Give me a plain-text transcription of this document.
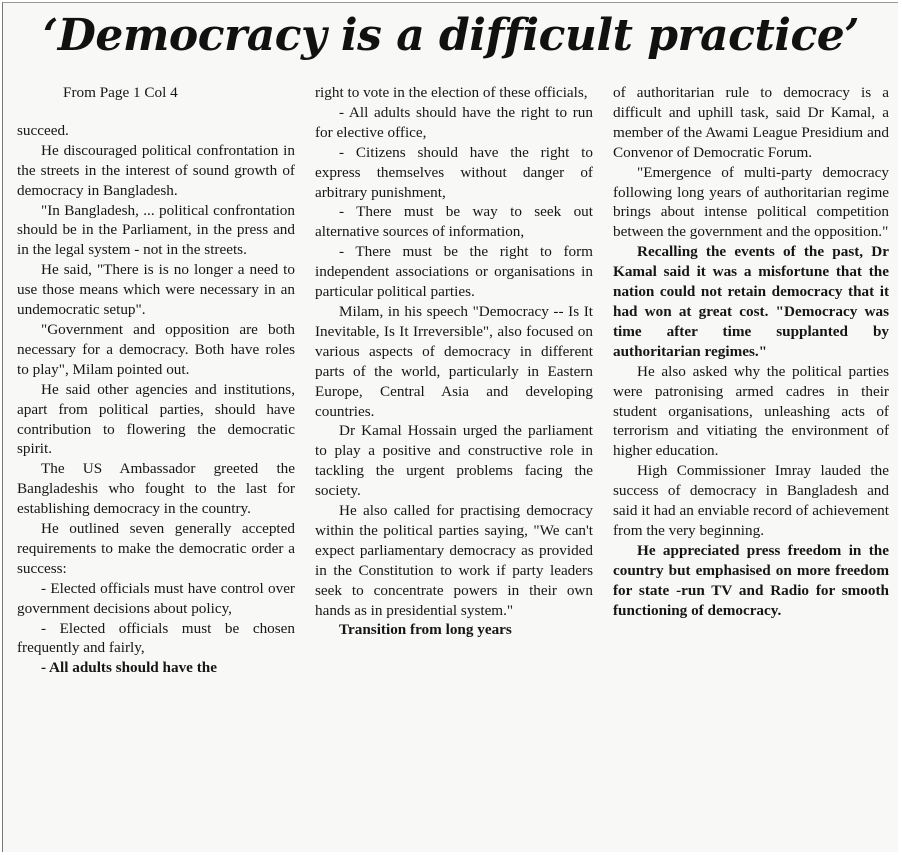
‘Democracy is a difficult practice’

From Page 1 Col 4

succeed.

He discouraged political confrontation in the streets in the interest of sound growth of democracy in Bangladesh.

"In Bangladesh, ... political confrontation should be in the Parliament, in the press and in the legal system - not in the streets.

He said, "There is is no longer a need to use those means which were necessary in an undemocratic setup".

"Government and opposition are both necessary for a democracy. Both have roles to play", Milam pointed out.

He said other agencies and institutions, apart from political parties, should have contribution to flowering the democratic spirit.

The US Ambassador greeted the Bangladeshis who fought to the last for establishing democracy in the country.

He outlined seven generally accepted requirements to make the democratic order a success:

- Elected officials must have control over government decisions about policy,

- Elected officials must be chosen frequently and fairly,

- All adults should have the

right to vote in the election of these officials,

- All adults should have the right to run for elective office,

- Citizens should have the right to express themselves without danger of arbitrary punishment,

- There must be way to seek out alternative sources of information,

- There must be the right to form independent associations or organisations in particular political parties.

Milam, in his speech "Democracy -- Is It Inevitable, Is It Irreversible", also focused on various aspects of democracy in different parts of the world, particularly in Eastern Europe, Central Asia and developing countries.

Dr Kamal Hossain urged the parliament to play a positive and constructive role in tackling the urgent problems facing the society.

He also called for practising democracy within the political parties saying, "We can't expect parliamentary democracy as provided in the Constitution to work if party leaders seek to concentrate powers in their own hands as in presidential system."

Transition from long years

of authoritarian rule to democracy is a difficult and uphill task, said Dr Kamal, a member of the Awami League Presidium and Convenor of Democratic Forum.

"Emergence of multi-party democracy following long years of authoritarian regime brings about intense political competition between the government and the opposition."

Recalling the events of the past, Dr Kamal said it was a misfortune that the nation could not retain democracy that it had won at great cost. "Democracy was time after time supplanted by authoritarian regimes."

He also asked why the political parties were patronising armed cadres in their student organisations, unleashing acts of terrorism and vitiating the environment of higher education.

High Commissioner Imray lauded the success of democracy in Bangladesh and said it had an enviable record of achievement from the very beginning.

He appreciated press freedom in the country but emphasised on more freedom for state -run TV and Radio for smooth functioning of democracy.
